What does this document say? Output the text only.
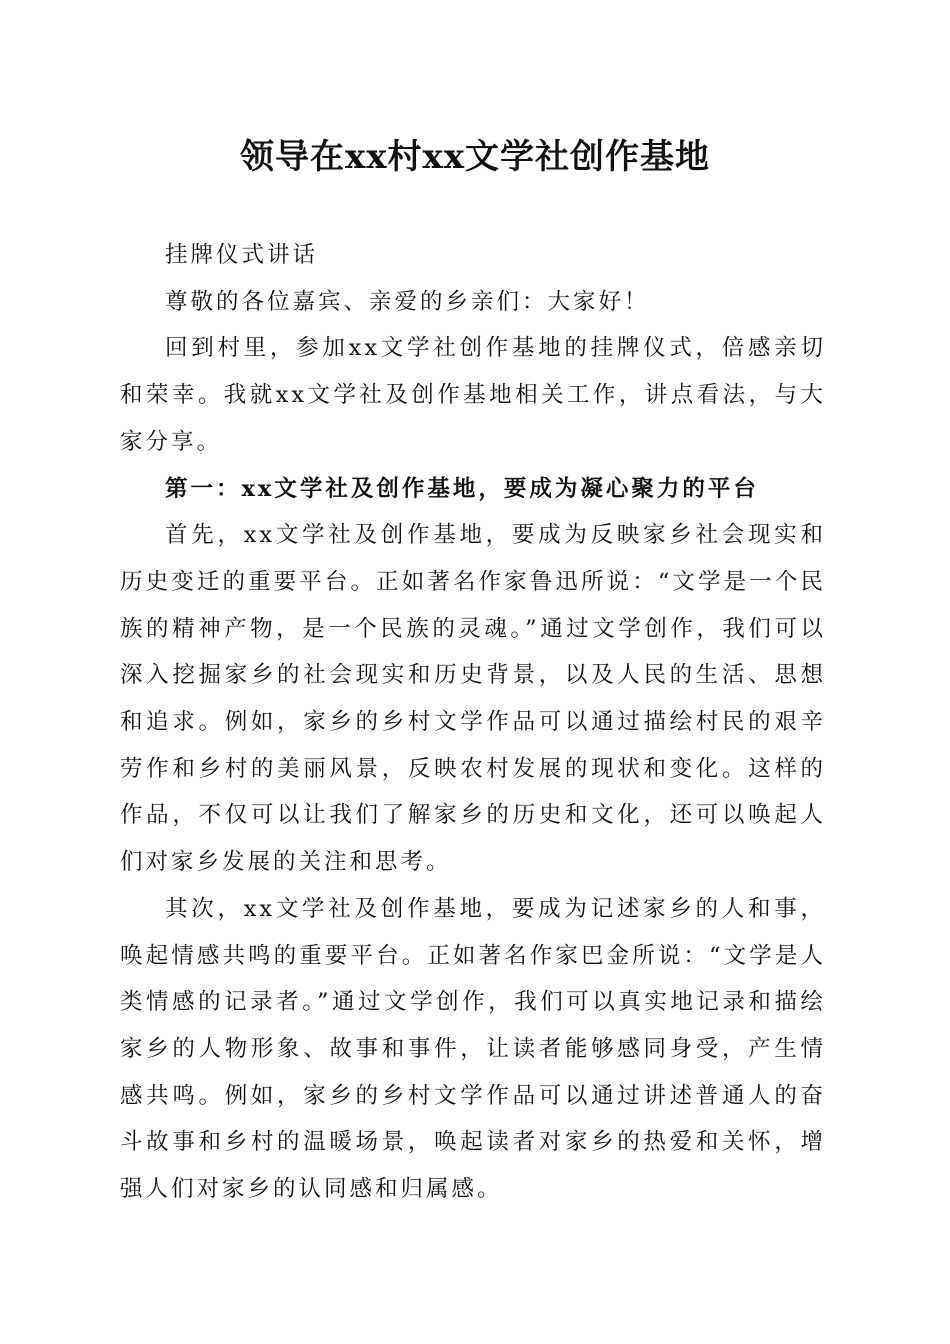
领导在xx村xx文学社创作基地

挂牌仪式讲话

尊敬的各位嘉宾、亲爱的乡亲们：大家好！

回到村里，参加xx文学社创作基地的挂牌仪式，倍感亲切和荣幸。我就xx文学社及创作基地相关工作，讲点看法，与大家分享。

第一：xx文学社及创作基地，要成为凝心聚力的平台

首先，xx文学社及创作基地，要成为反映家乡社会现实和历史变迁的重要平台。正如著名作家鲁迅所说：“文学是一个民族的精神产物，是一个民族的灵魂。”通过文学创作，我们可以深入挖掘家乡的社会现实和历史背景，以及人民的生活、思想和追求。例如，家乡的乡村文学作品可以通过描绘村民的艰辛劳作和乡村的美丽风景，反映农村发展的现状和变化。这样的作品，不仅可以让我们了解家乡的历史和文化，还可以唤起人们对家乡发展的关注和思考。

其次，xx文学社及创作基地，要成为记述家乡的人和事，唤起情感共鸣的重要平台。正如著名作家巴金所说：“文学是人类情感的记录者。”通过文学创作，我们可以真实地记录和描绘家乡的人物形象、故事和事件，让读者能够感同身受，产生情感共鸣。例如，家乡的乡村文学作品可以通过讲述普通人的奋斗故事和乡村的温暖场景，唤起读者对家乡的热爱和关怀，增强人们对家乡的认同感和归属感。
